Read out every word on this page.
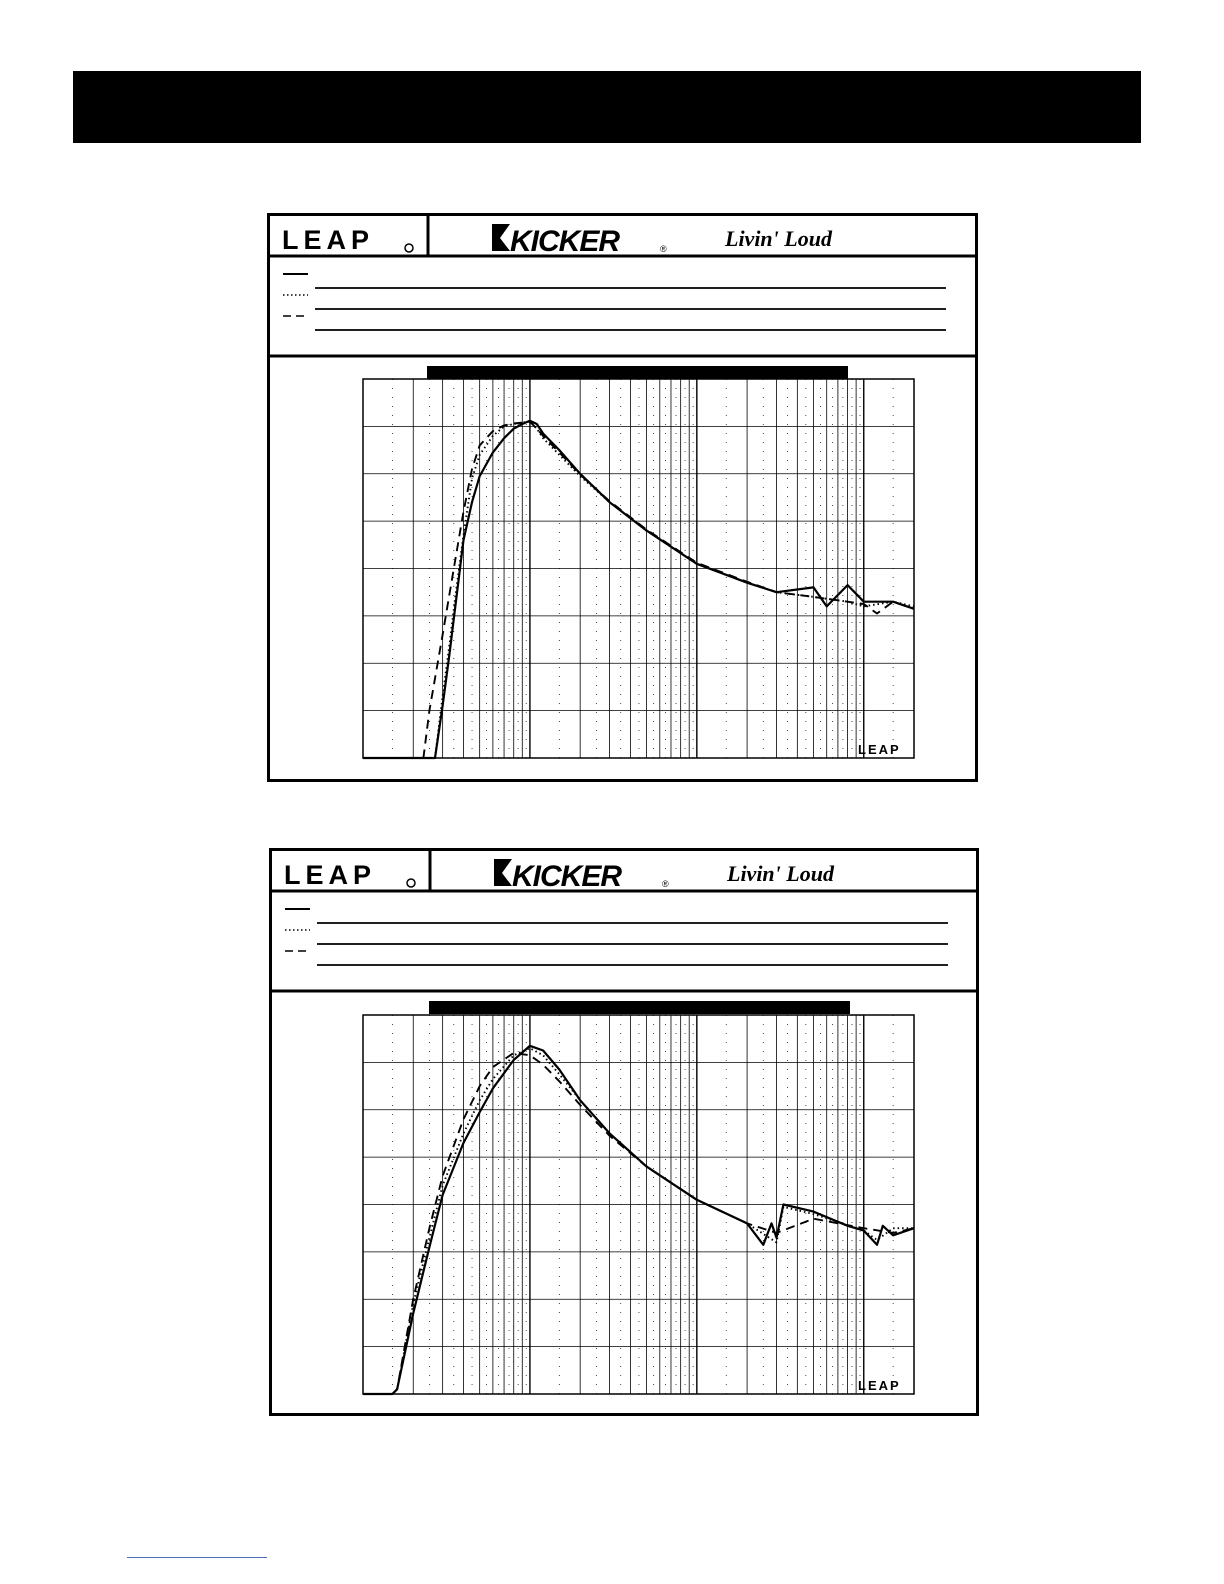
LEAP	KICKER	®	Livin' Loud
LEAP
LEAP	KICKER	®	Livin' Loud
LEAP
